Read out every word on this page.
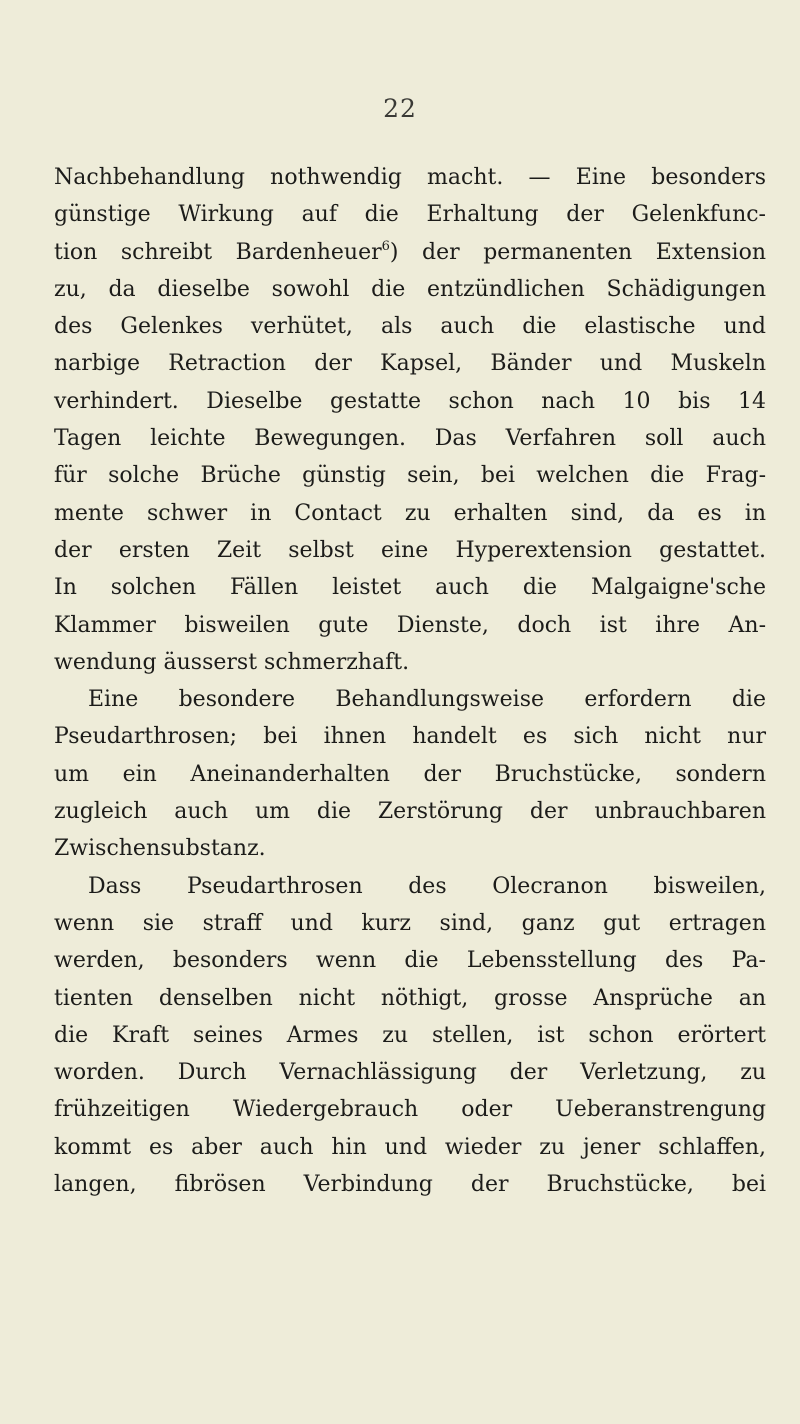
22
Nachbehandlung nothwendig macht. — Eine besonders
günstige Wirkung auf die Erhaltung der Gelenkfunc-
tion schreibt Bardenheuer$^6$) der permanenten Extension
zu, da dieselbe sowohl die entzündlichen Schädigungen
des Gelenkes verhütet, als auch die elastische und
narbige Retraction der Kapsel, Bänder und Muskeln
verhindert. Dieselbe gestatte schon nach 10 bis 14
Tagen leichte Bewegungen. Das Verfahren soll auch
für solche Brüche günstig sein, bei welchen die Frag-
mente schwer in Contact zu erhalten sind, da es in
der ersten Zeit selbst eine Hyperextension gestattet.
In solchen Fällen leistet auch die Malgaigne'sche
Klammer bisweilen gute Dienste, doch ist ihre An-
wendung äusserst schmerzhaft.
Eine besondere Behandlungsweise erfordern die
Pseudarthrosen; bei ihnen handelt es sich nicht nur
um ein Aneinanderhalten der Bruchstücke, sondern
zugleich auch um die Zerstörung der unbrauchbaren
Zwischensubstanz.
Dass Pseudarthrosen des Olecranon bisweilen,
wenn sie straff und kurz sind, ganz gut ertragen
werden, besonders wenn die Lebensstellung des Pa-
tienten denselben nicht nöthigt, grosse Ansprüche an
die Kraft seines Armes zu stellen, ist schon erörtert
worden. Durch Vernachlässigung der Verletzung, zu
frühzeitigen Wiedergebrauch oder Ueberanstrengung
kommt es aber auch hin und wieder zu jener schlaffen,
langen, fibrösen Verbindung der Bruchstücke, bei
